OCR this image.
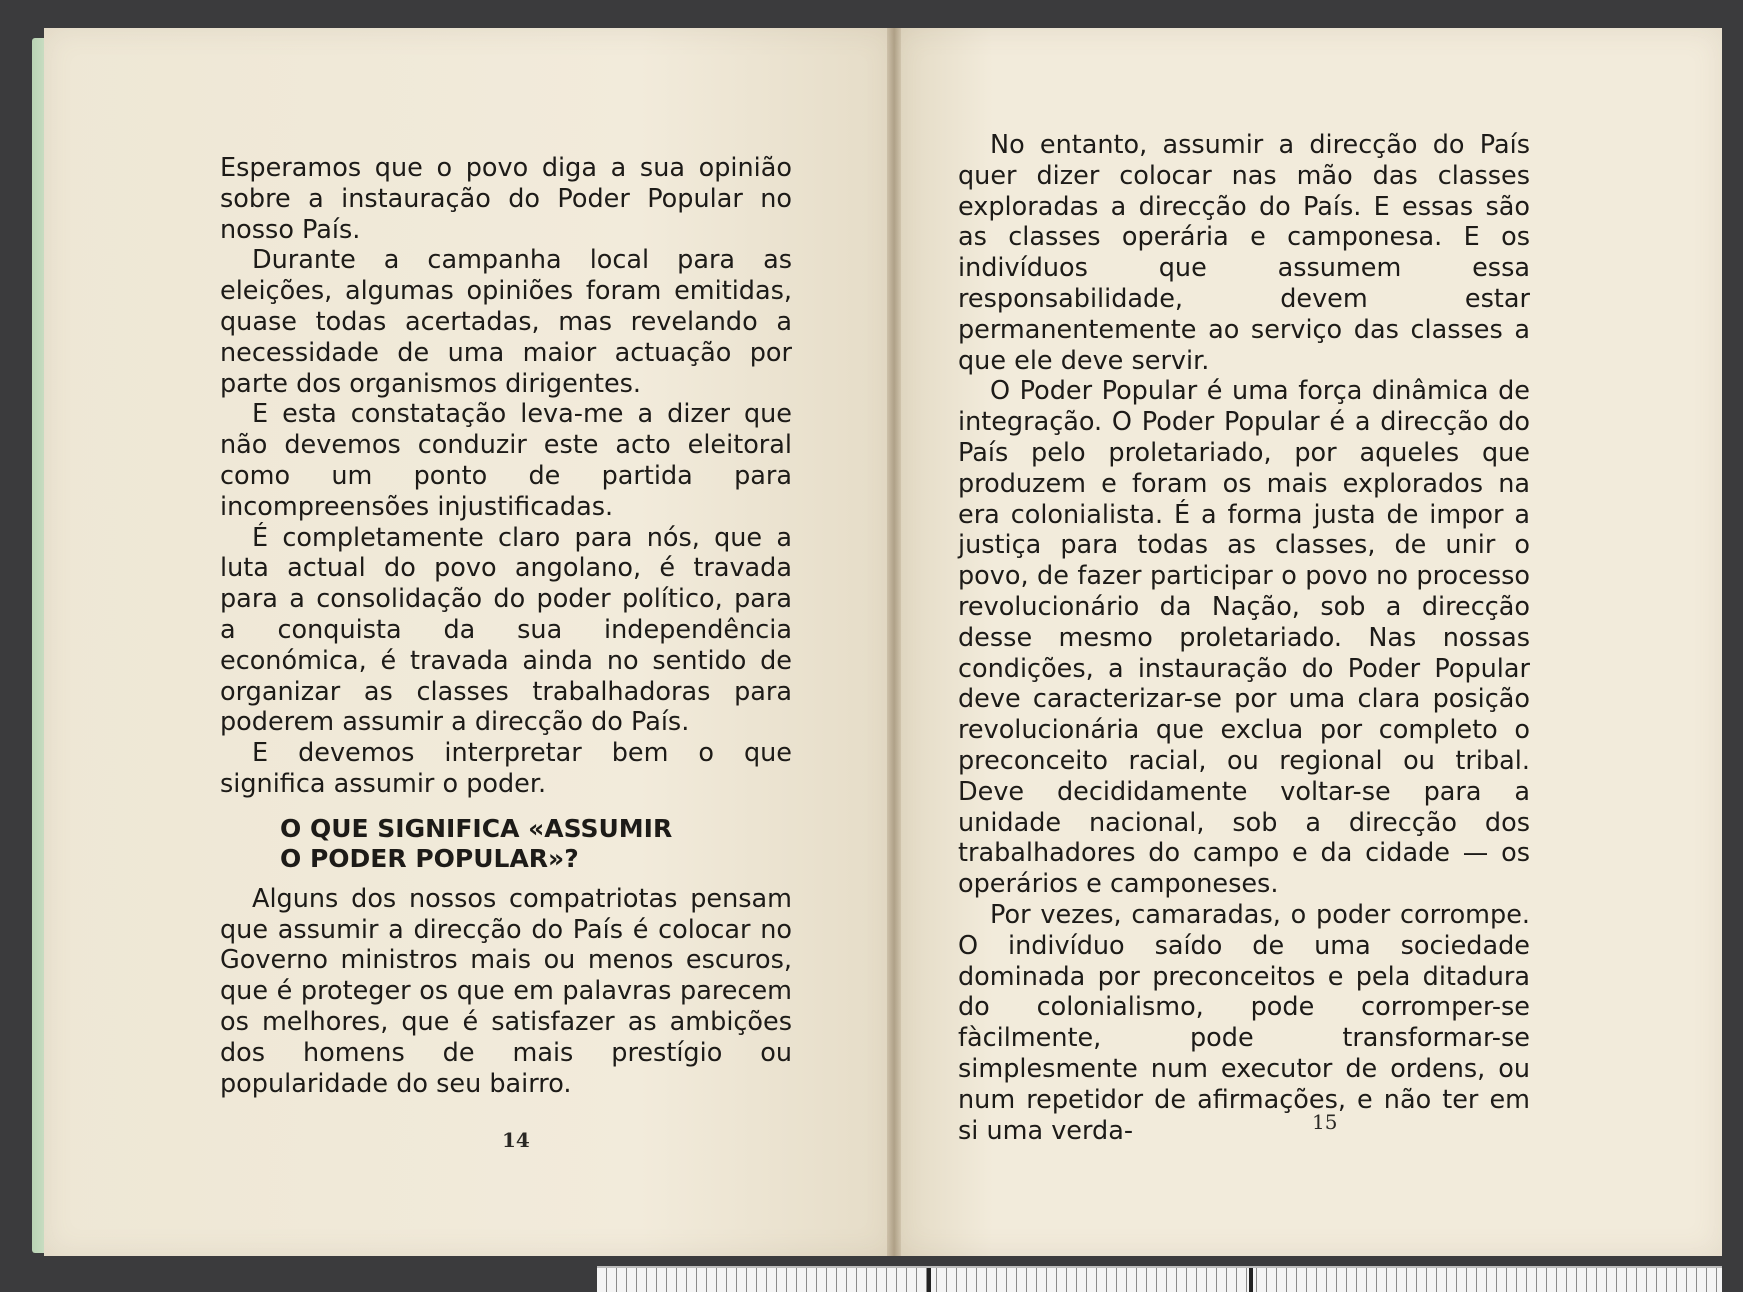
Esperamos que o povo diga a sua opinião sobre a instauração do Poder Popular no nosso País.

Durante a campanha local para as eleições, algumas opiniões foram emitidas, quase todas acertadas, mas revelando a necessidade de uma maior actuação por parte dos organismos dirigentes.

E esta constatação leva-me a dizer que não devemos conduzir este acto eleitoral como um ponto de partida para incompreensões injustificadas.

É completamente claro para nós, que a luta actual do povo angolano, é travada para a consolidação do poder político, para a conquista da sua independência económica, é travada ainda no sentido de organizar as classes trabalhadoras para poderem assumir a direcção do País.

E devemos interpretar bem o que significa assumir o poder.

O QUE SIGNIFICA «ASSUMIR
O PODER POPULAR»?

Alguns dos nossos compatriotas pensam que assumir a direcção do País é colocar no Governo ministros mais ou menos escuros, que é proteger os que em palavras parecem os melhores, que é satisfazer as ambições dos homens de mais prestígio ou popularidade do seu bairro.

14

No entanto, assumir a direcção do País quer dizer colocar nas mão das classes exploradas a direcção do País. E essas são as classes operária e camponesa. E os indivíduos que assumem essa responsabilidade, devem estar permanentemente ao serviço das classes a que ele deve servir.

O Poder Popular é uma força dinâmica de integração. O Poder Popular é a direcção do País pelo proletariado, por aqueles que produzem e foram os mais explorados na era colonialista. É a forma justa de impor a justiça para todas as classes, de unir o povo, de fazer participar o povo no processo revolucionário da Nação, sob a direcção desse mesmo proletariado. Nas nossas condições, a instauração do Poder Popular deve caracterizar-se por uma clara posição revolucionária que exclua por completo o preconceito racial, ou regional ou tribal. Deve decididamente voltar-se para a unidade nacional, sob a direcção dos trabalhadores do campo e da cidade — os operários e camponeses.

Por vezes, camaradas, o poder corrompe. O indivíduo saído de uma sociedade dominada por preconceitos e pela ditadura do colonialismo, pode corromper-se fàcilmente, pode transformar-se simplesmente num executor de ordens, ou num repetidor de afirmações, e não ter em si uma verda-	15
